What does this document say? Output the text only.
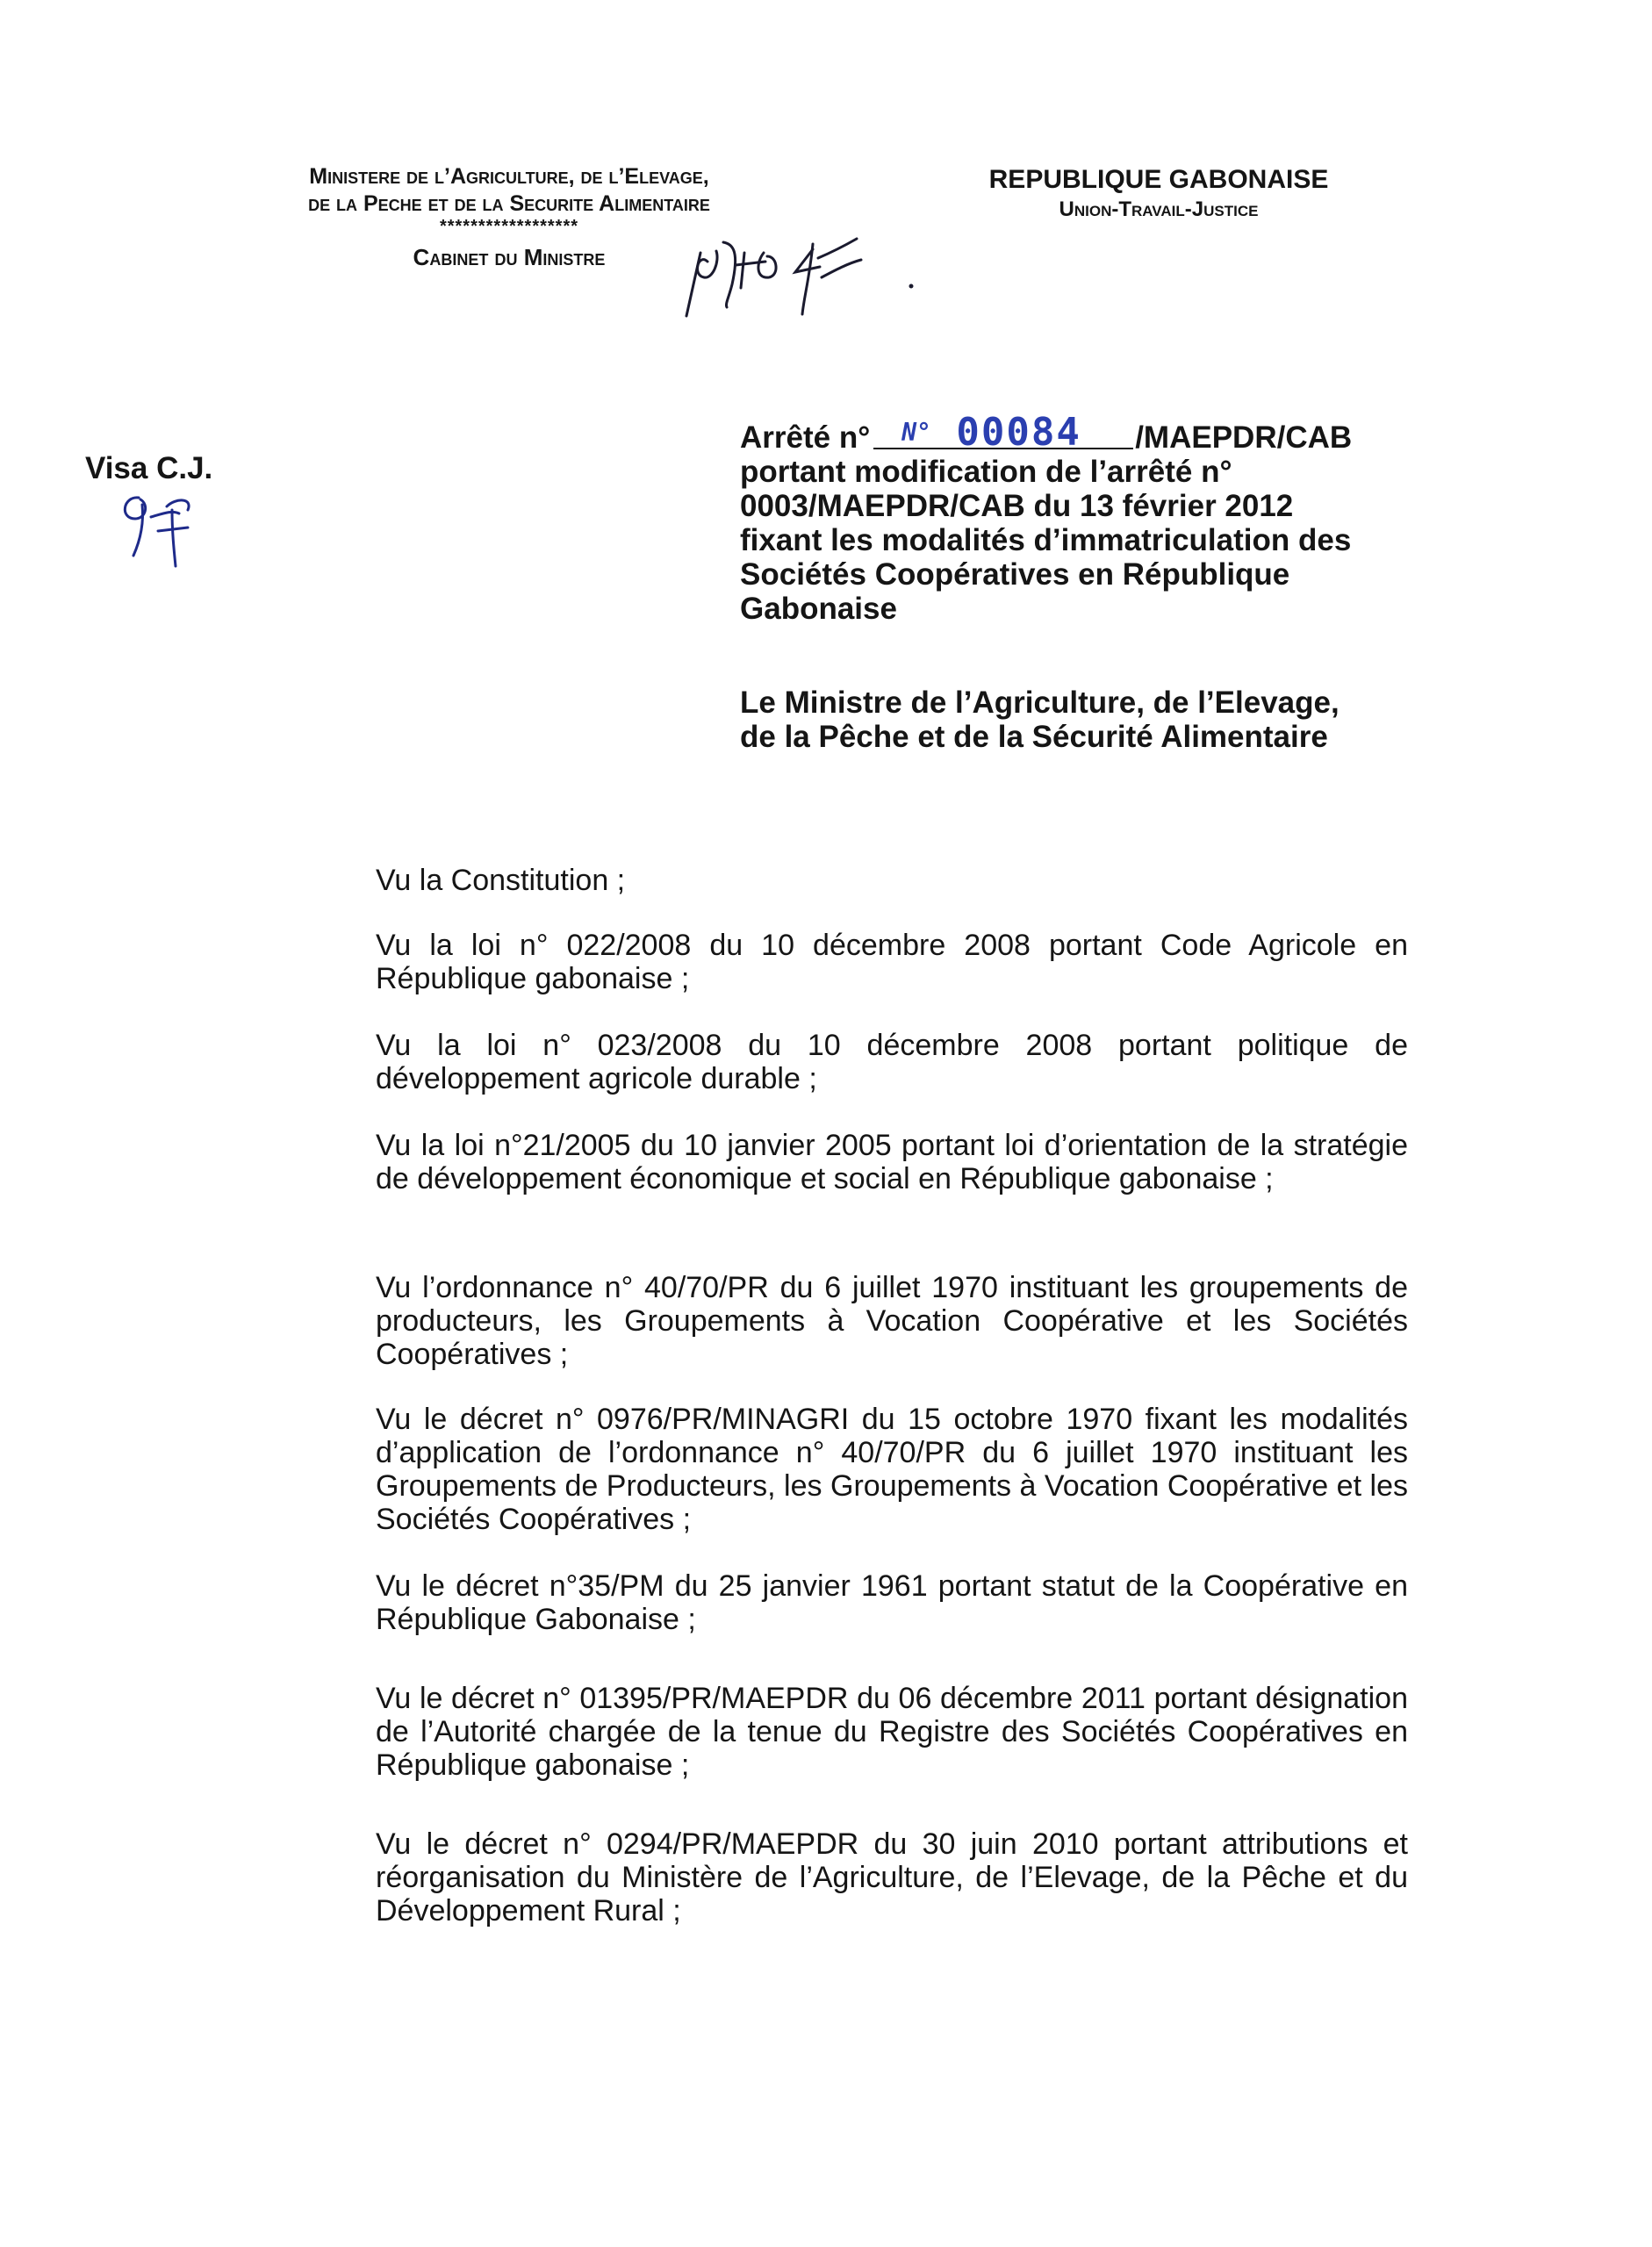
Ministere de l’Agriculture, de l’Elevage,
de la Peche et de la Securite Alimentaire
******************
Cabinet du Ministre
REPUBLIQUE GABONAISE
Union-Travail-Justice
Visa C.J.
Arrêté n° $^{N^\circ}$ 00084 /MAEPDR/CAB
portant modification de l’arrêté n°
0003/MAEPDR/CAB du 13 février 2012
fixant les modalités d’immatriculation des
Sociétés Coopératives en République
Gabonaise
Le Ministre de l’Agriculture, de l’Elevage,
de la Pêche et de la Sécurité Alimentaire

Vu la Constitution ;

Vu la loi n° 022/2008 du 10 décembre 2008 portant Code Agricole en République gabonaise ;

Vu la loi n° 023/2008 du 10 décembre 2008 portant politique de développement agricole durable ;

Vu la loi n°21/2005 du 10 janvier 2005 portant loi d’orientation de la stratégie de développement économique et social en République gabonaise ;

Vu l’ordonnance n° 40/70/PR du 6 juillet 1970 instituant les groupements de producteurs, les Groupements à Vocation Coopérative et les Sociétés Coopératives ;

Vu le décret n° 0976/PR/MINAGRI du 15 octobre 1970 fixant les modalités d’application de l’ordonnance n° 40/70/PR du 6 juillet 1970 instituant les Groupements de Producteurs, les Groupements à Vocation Coopérative et les Sociétés Coopératives ;

Vu le décret n°35/PM du 25 janvier 1961 portant statut de la Coopérative en République Gabonaise ;

Vu le décret n° 01395/PR/MAEPDR du 06 décembre 2011 portant désignation de l’Autorité chargée de la tenue du Registre des Sociétés Coopératives en République gabonaise ;

Vu le décret n° 0294/PR/MAEPDR du 30 juin 2010 portant attributions et réorganisation du Ministère de l’Agriculture, de l’Elevage, de la Pêche et du Développement Rural ;
